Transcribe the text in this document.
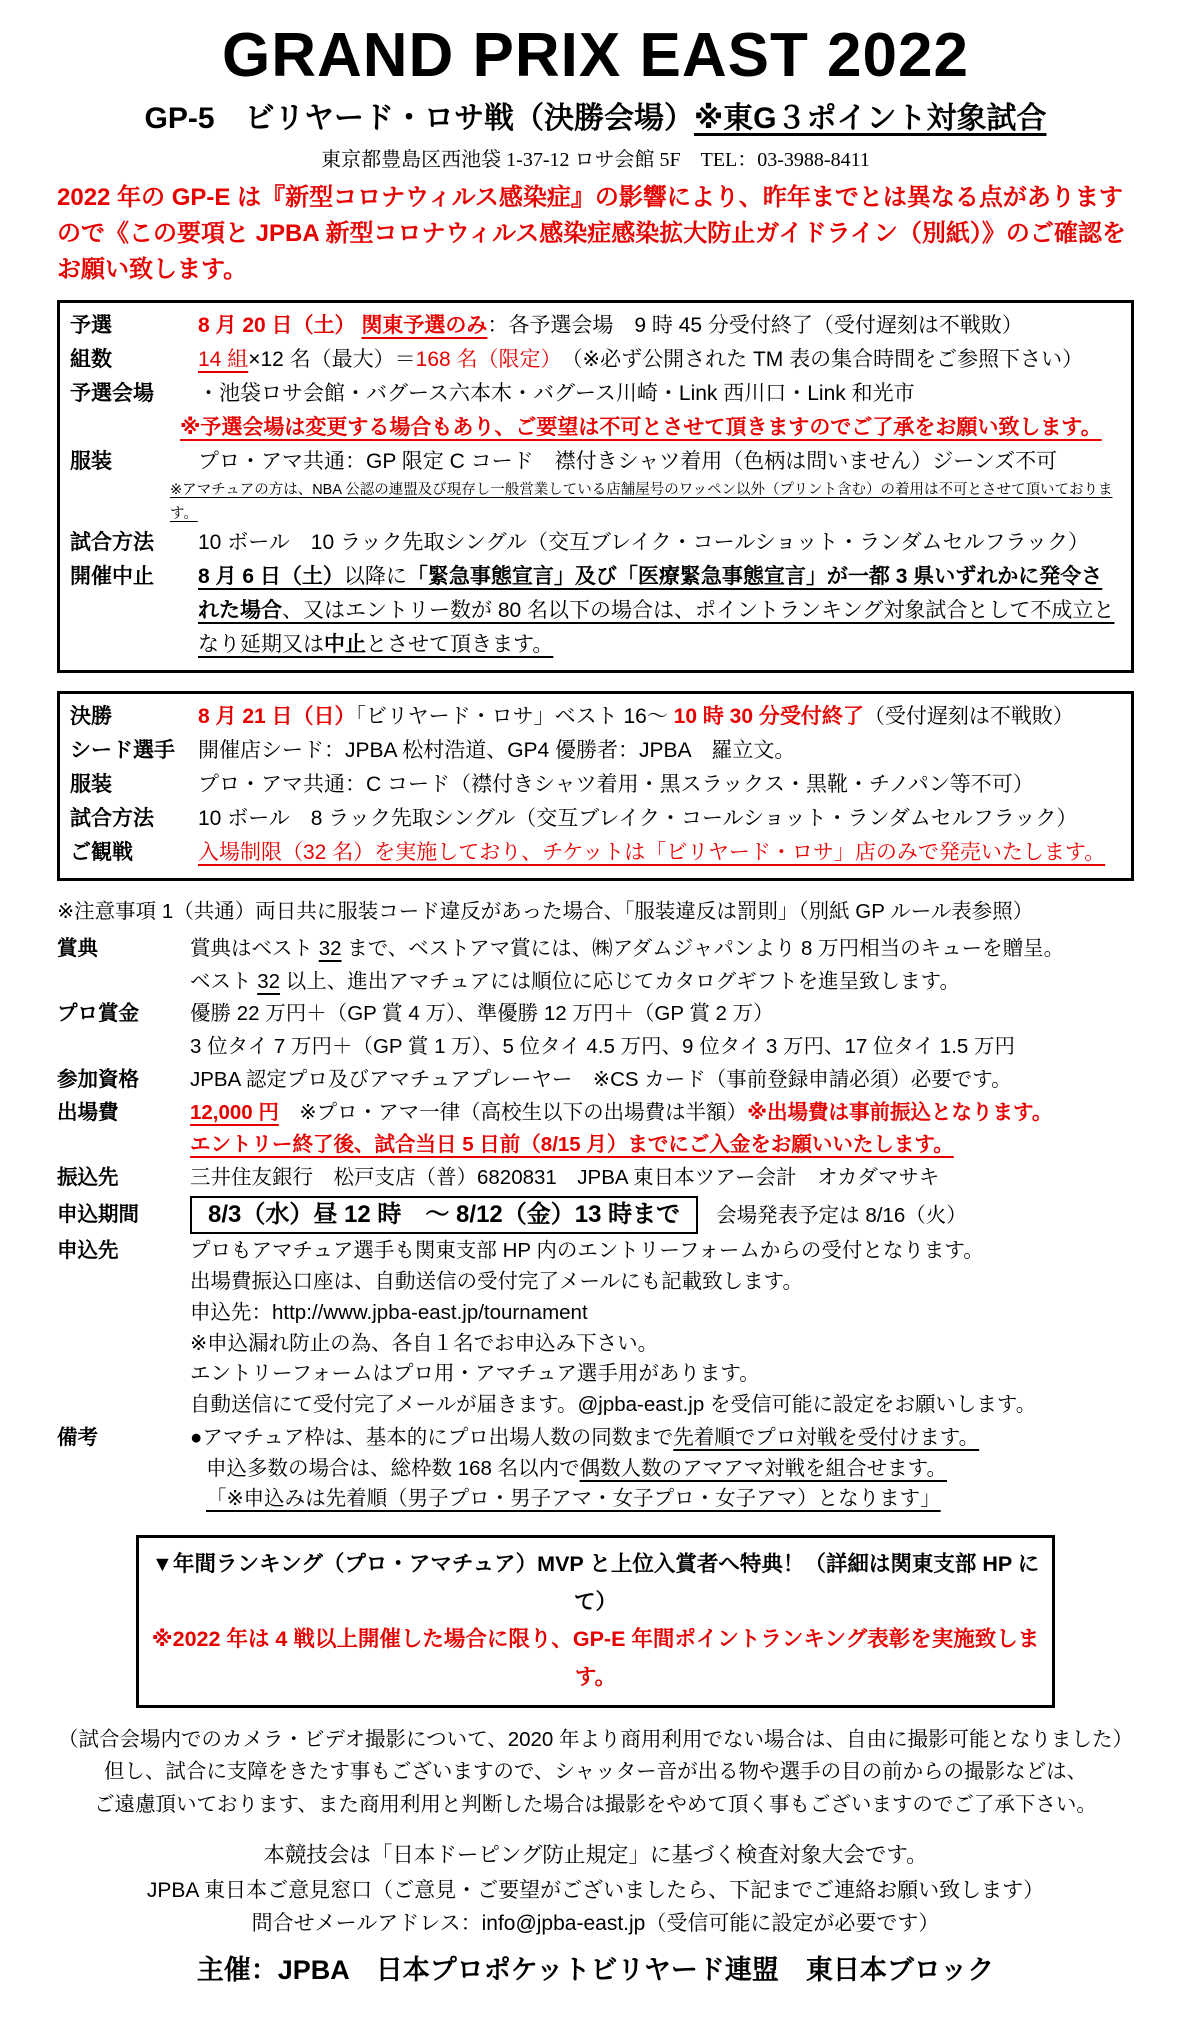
GRAND PRIX EAST 2022
GP-5 ビリヤード・ロサ戦（決勝会場）※東G３ポイント対象試合
東京都豊島区西池袋 1-37-12 ロサ会館 5F　TEL：03-3988-8411

2022 年の GP-E は『新型コロナウィルス感染症』の影響により、昨年までとは異なる点がありますので《この要項と JPBA 新型コロナウィルス感染症感染拡大防止ガイドライン（別紙）》のご確認をお願い致します。

予選	8 月 20 日（土） 関東予選のみ：各予選会場　9 時 45 分受付終了（受付遅刻は不戦敗）
組数	14 組×12 名（最大）＝168 名（限定）　（※必ず公開された TM 表の集合時間をご参照下さい）
予選会場	・池袋ロサ会館・バグース六本木・バグース川崎・Link 西川口・Link 和光市
※予選会場は変更する場合もあり、ご要望は不可とさせて頂きますのでご了承をお願い致します。
服装	プロ・アマ共通：GP 限定 C コード　襟付きシャツ着用（色柄は問いません）ジーンズ不可
※アマチュアの方は、NBA 公認の連盟及び現存し一般営業している店舗屋号のワッペン以外（プリント含む）の着用は不可とさせて頂いております。
試合方法	10 ボール　10 ラック先取シングル（交互ブレイク・コールショット・ランダムセルフラック）
開催中止	8 月 6 日（土）以降に「緊急事態宣言」及び「医療緊急事態宣言」が一都 3 県いずれかに発令された場合、又はエントリー数が 80 名以下の場合は、ポイントランキング対象試合として不成立となり延期又は中止とさせて頂きます。
決勝	8 月 21 日（日）「ビリヤード・ロサ」ベスト 16～ 10 時 30 分受付終了（受付遅刻は不戦敗）
シード選手	開催店シード：JPBA 松村浩道、GP4 優勝者：JPBA　羅立文。
服装	プロ・アマ共通：C コード（襟付きシャツ着用・黒スラックス・黒靴・チノパン等不可）
試合方法	10 ボール　8 ラック先取シングル（交互ブレイク・コールショット・ランダムセルフラック）
ご観戦	入場制限（32 名）を実施しており、チケットは「ビリヤード・ロサ」店のみで発売いたします。
※注意事項 1（共通）両日共に服装コード違反があった場合、「服装違反は罰則」（別紙 GP ルール表参照）
賞典	賞典はベスト 32 まで、ベストアマ賞には、㈱アダムジャパンより 8 万円相当のキューを贈呈。
ベスト 32 以上、進出アマチュアには順位に応じてカタログギフトを進呈致します。
プロ賞金	優勝 22 万円＋（GP 賞 4 万）、準優勝 12 万円＋（GP 賞 2 万）
3 位タイ 7 万円＋（GP 賞 1 万）、5 位タイ 4.5 万円、9 位タイ 3 万円、17 位タイ 1.5 万円
参加資格	JPBA 認定プロ及びアマチュアプレーヤー　※CS カード（事前登録申請必須）必要です。
出場費	12,000 円　※プロ・アマ一律（高校生以下の出場費は半額）※出場費は事前振込となります。
エントリー終了後、試合当日 5 日前（8/15 月）までにご入金をお願いいたします。
振込先	三井住友銀行　松戸支店（普）6820831　JPBA 東日本ツアー会計　オカダマサキ
申込期間	8/3（水）昼 12 時　～ 8/12（金）13 時まで 会場発表予定は 8/16（火）
申込先	プロもアマチュア選手も関東支部 HP 内のエントリーフォームからの受付となります。
出場費振込口座は、自動送信の受付完了メールにも記載致します。
申込先：http://www.jpba-east.jp/tournament
※申込漏れ防止の為、各自１名でお申込み下さい。
エントリーフォームはプロ用・アマチュア選手用があります。
自動送信にて受付完了メールが届きます。@jpba-east.jp を受信可能に設定をお願いします。
備考	●アマチュア枠は、基本的にプロ出場人数の同数まで先着順でプロ対戦を受付けます。
申込多数の場合は、総枠数 168 名以内で偶数人数のアマアマ対戦を組合せます。
「※申込みは先着順（男子プロ・男子アマ・女子プロ・女子アマ）となります」
▼年間ランキング（プロ・アマチュア）MVP と上位入賞者へ特典！（詳細は関東支部 HP にて）
※2022 年は 4 戦以上開催した場合に限り、GP-E 年間ポイントランキング表彰を実施致します。
（試合会場内でのカメラ・ビデオ撮影について、2020 年より商用利用でない場合は、自由に撮影可能となりました）
但し、試合に支障をきたす事もございますので、シャッター音が出る物や選手の目の前からの撮影などは、
ご遠慮頂いております、また商用利用と判断した場合は撮影をやめて頂く事もございますのでご了承下さい。
本競技会は「日本ドーピング防止規定」に基づく検査対象大会です。
JPBA 東日本ご意見窓口（ご意見・ご要望がございましたら、下記までご連絡お願い致します）
問合せメールアドレス：info@jpba-east.jp（受信可能に設定が必要です）
主催：JPBA　日本プロポケットビリヤード連盟　東日本ブロック
